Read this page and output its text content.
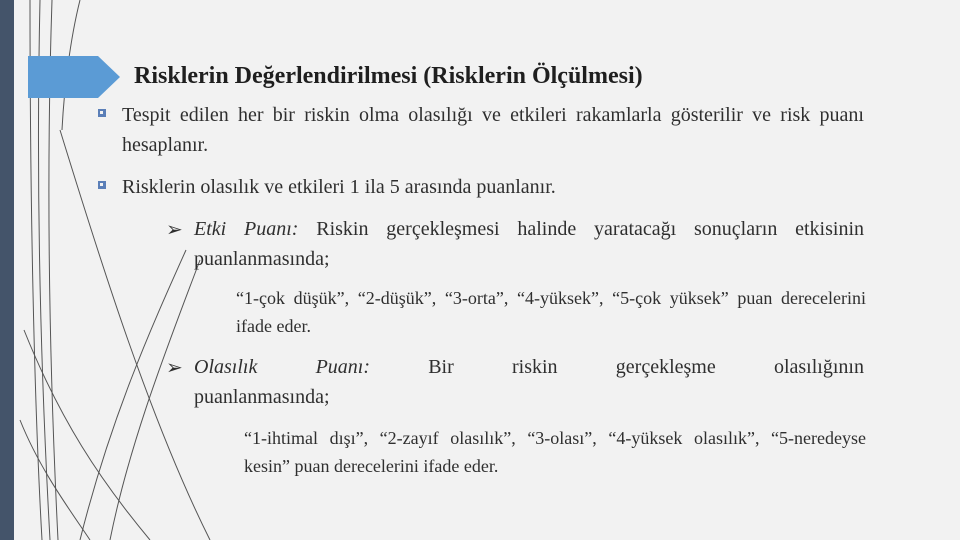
Risklerin Değerlendirilmesi (Risklerin Ölçülmesi)
Tespit edilen her bir riskin olma olasılığı ve etkileri rakamlarla gösterilir ve risk puanı hesaplanır.
Risklerin olasılık ve etkileri 1 ila 5 arasında puanlanır.
➢ Etki Puanı: Riskin gerçekleşmesi halinde yaratacağı sonuçların etkisinin puanlanmasında;
“1-çok düşük”, “2-düşük”, “3-orta”, “4-yüksek”, “5-çok yüksek” puan derecelerini ifade eder.
➢ Olasılık	Puanı:	Bir	riskin	gerçekleşme	olasılığının
puanlanmasında;
“1-ihtimal dışı”, “2-zayıf olasılık”, “3-olası”, “4-yüksek olasılık”, “5-neredeyse kesin” puan derecelerini ifade eder.
